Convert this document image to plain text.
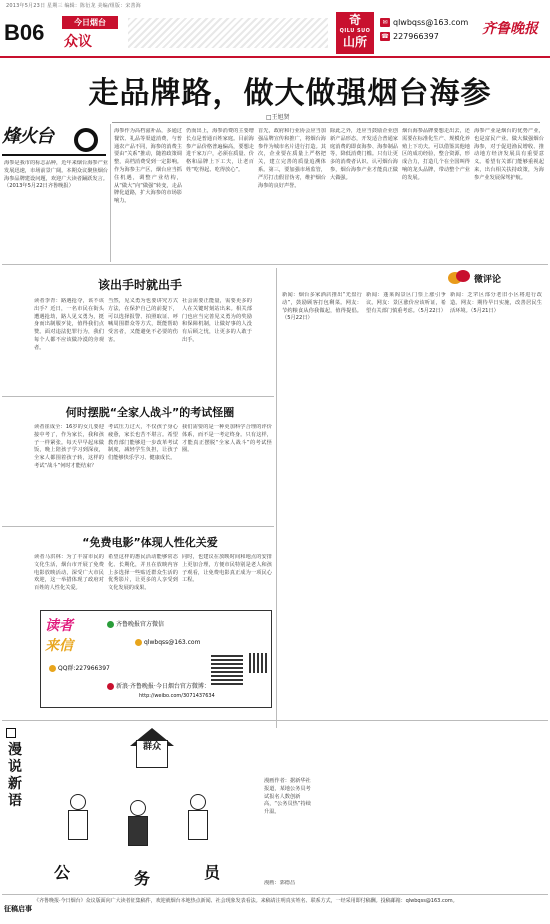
2013年5月23日 星期三 编辑：陈衍龙 美编/组版：宋善海
B06	今日烟台
众议
奇
QILU SUO
山所
✉ qlwbqss@163.com
☎ 227966397	齐鲁晚报
烽火台
海参是我市的标志品种，近年来烟台海参产业发展迅速，市场前景广阔。本期众议聚焦烟台海参品牌建设问题，欢迎广大读者踊跃发言。（2013年5月22日齐鲁晚报）
走品牌路，做大做强烟台海参
□王旭贤
海参作为高档滋补品，多通过餐饮、礼品等渠道消费，与普通农产品不同，海参的消费主要由“关系”推动，随着政策调整，高档消费受到一定影响。作为海参主产区，烟台应当抓住机遇，调整产业结构，从“做大”向“做强”转变，走品牌化道路，扩大海参的市场影响力。
仍而出上，海参消费的主要增长点是普通百姓家庭。目前海参产品价格普遍偏高，要想走进千家万户，必须在质量、价格和品牌上下工夫，让老百姓“吃得起、吃得放心”。
首先，政府和行业协会应当加强品牌宣传和推广，将烟台海参作为城市名片进行打造。其次，企业要在质量上严格把关，建立完善的质量追溯体系。第三，要加强市场监管，严厉打击假冒伪劣，维护烟台海参的良好声誉。
除此之外，还应当鼓励企业创新产品形态，开发适合普通家庭消费的即食海参、海参制品等，降低消费门槛。只有让更多的消费者认识、认可烟台海参，烟台海参产业才能真正做大做强。
烟台海参品牌要想走出去，还需要在标准化生产、规模化养殖上下功夫。可以借鉴其他地区的成功经验，整合资源，形成合力，打造几个在全国叫得响的龙头品牌，带动整个产业的发展。
海参产业是烟台的优势产业，也是富民产业。做大做强烟台海参，对于促进渔民增收、推动地方经济发展具有重要意义。希望有关部门能够重视起来，出台相关扶持政策，为海参产业发展保驾护航。
该出手时就出手
读者李青：路遇抢夺，该不该出手？近日，一名市民在街头遭遇抢劫，路人见义勇为，挺身而出制服歹徒，值得我们点赞。面对违法犯罪行为，我们每个人都不应该做冷漠的旁观者。
当然，见义勇为也要讲究方式方法，在保护自己的前提下，可以选择报警、拍照取证、呼喊周围群众等方式，既能帮助受害者，又能避免不必要的伤害。
社会需要正能量，需要更多的人在关键时刻站出来。相关部门也应当完善见义勇为的奖励和保障机制，让做好事的人没有后顾之忧，让更多的人敢于出手。
微评论
新闻：烟台多家酒店推出“光盘行动”，鼓励顾客打包剩菜。网友：节约粮食从你我做起，值得提倡。（5月22日）
新闻：蓬莱阁景区门票上涨引争议。网友：景区涨价应该听证，希望有关部门慎重考虑。（5月22日）
新闻：芝罘区部分老旧小区将进行改造。网友：期待早日实施，改善居民生活环境。（5月21日）
何时摆脱“全家人战斗”的考试怪圈
读者崔成全：16岁的女儿要迎接中考了，作为家长，我和孩子一样紧张。每天早早起床做饭，晚上陪孩子学习到深夜，全家人都围着孩子转，这样的考试“战斗”何时才能结束？
考试压力过大，不仅孩子身心疲惫，家长也苦不堪言。希望教育部门能够进一步改革考试制度，减轻学生负担，让孩子们能够快乐学习、健康成长。
我们需要的是一种更加科学合理的评价体系，而不是一考定终身。只有这样，才能真正摆脱“全家人战斗”的考试怪圈。
“免费电影”体现人性化关爱
读者马洪林：为了丰富市民的文化生活，烟台市开展了免费电影放映活动，深受广大市民欢迎，这一举措体现了政府对百姓的人性化关爱。
希望这样的惠民活动能够常态化、长期化，并且在放映内容上多选择一些贴近群众生活的优秀影片，让更多的人享受到文化发展的成果。
同时，也建议在放映时间和地点的安排上更加合理，方便市民特别是老人和孩子观看，让免费电影真正成为一项民心工程。
读者
来信
齐鲁晚报官方微信
qlwbqss@163.com
QQ群:227966397
新浪·齐鲁晚报·今日烟台官方微博：
http://weibo.com/3071437634
漫说新语
群众
公	务	员
漫画作者：据新华社报道，某地公务员考试报名人数创新高，“公务员热”持续升温。
漫画：郭德昌
征稿启事
《齐鲁晚报·今日烟台》众议版面向广大读者征集稿件，欢迎就烟台本地热点新闻、社会现象发表看法。来稿请注明真实姓名、联系方式，一经采用即付稿酬。投稿邮箱：qlwbqss@163.com。
